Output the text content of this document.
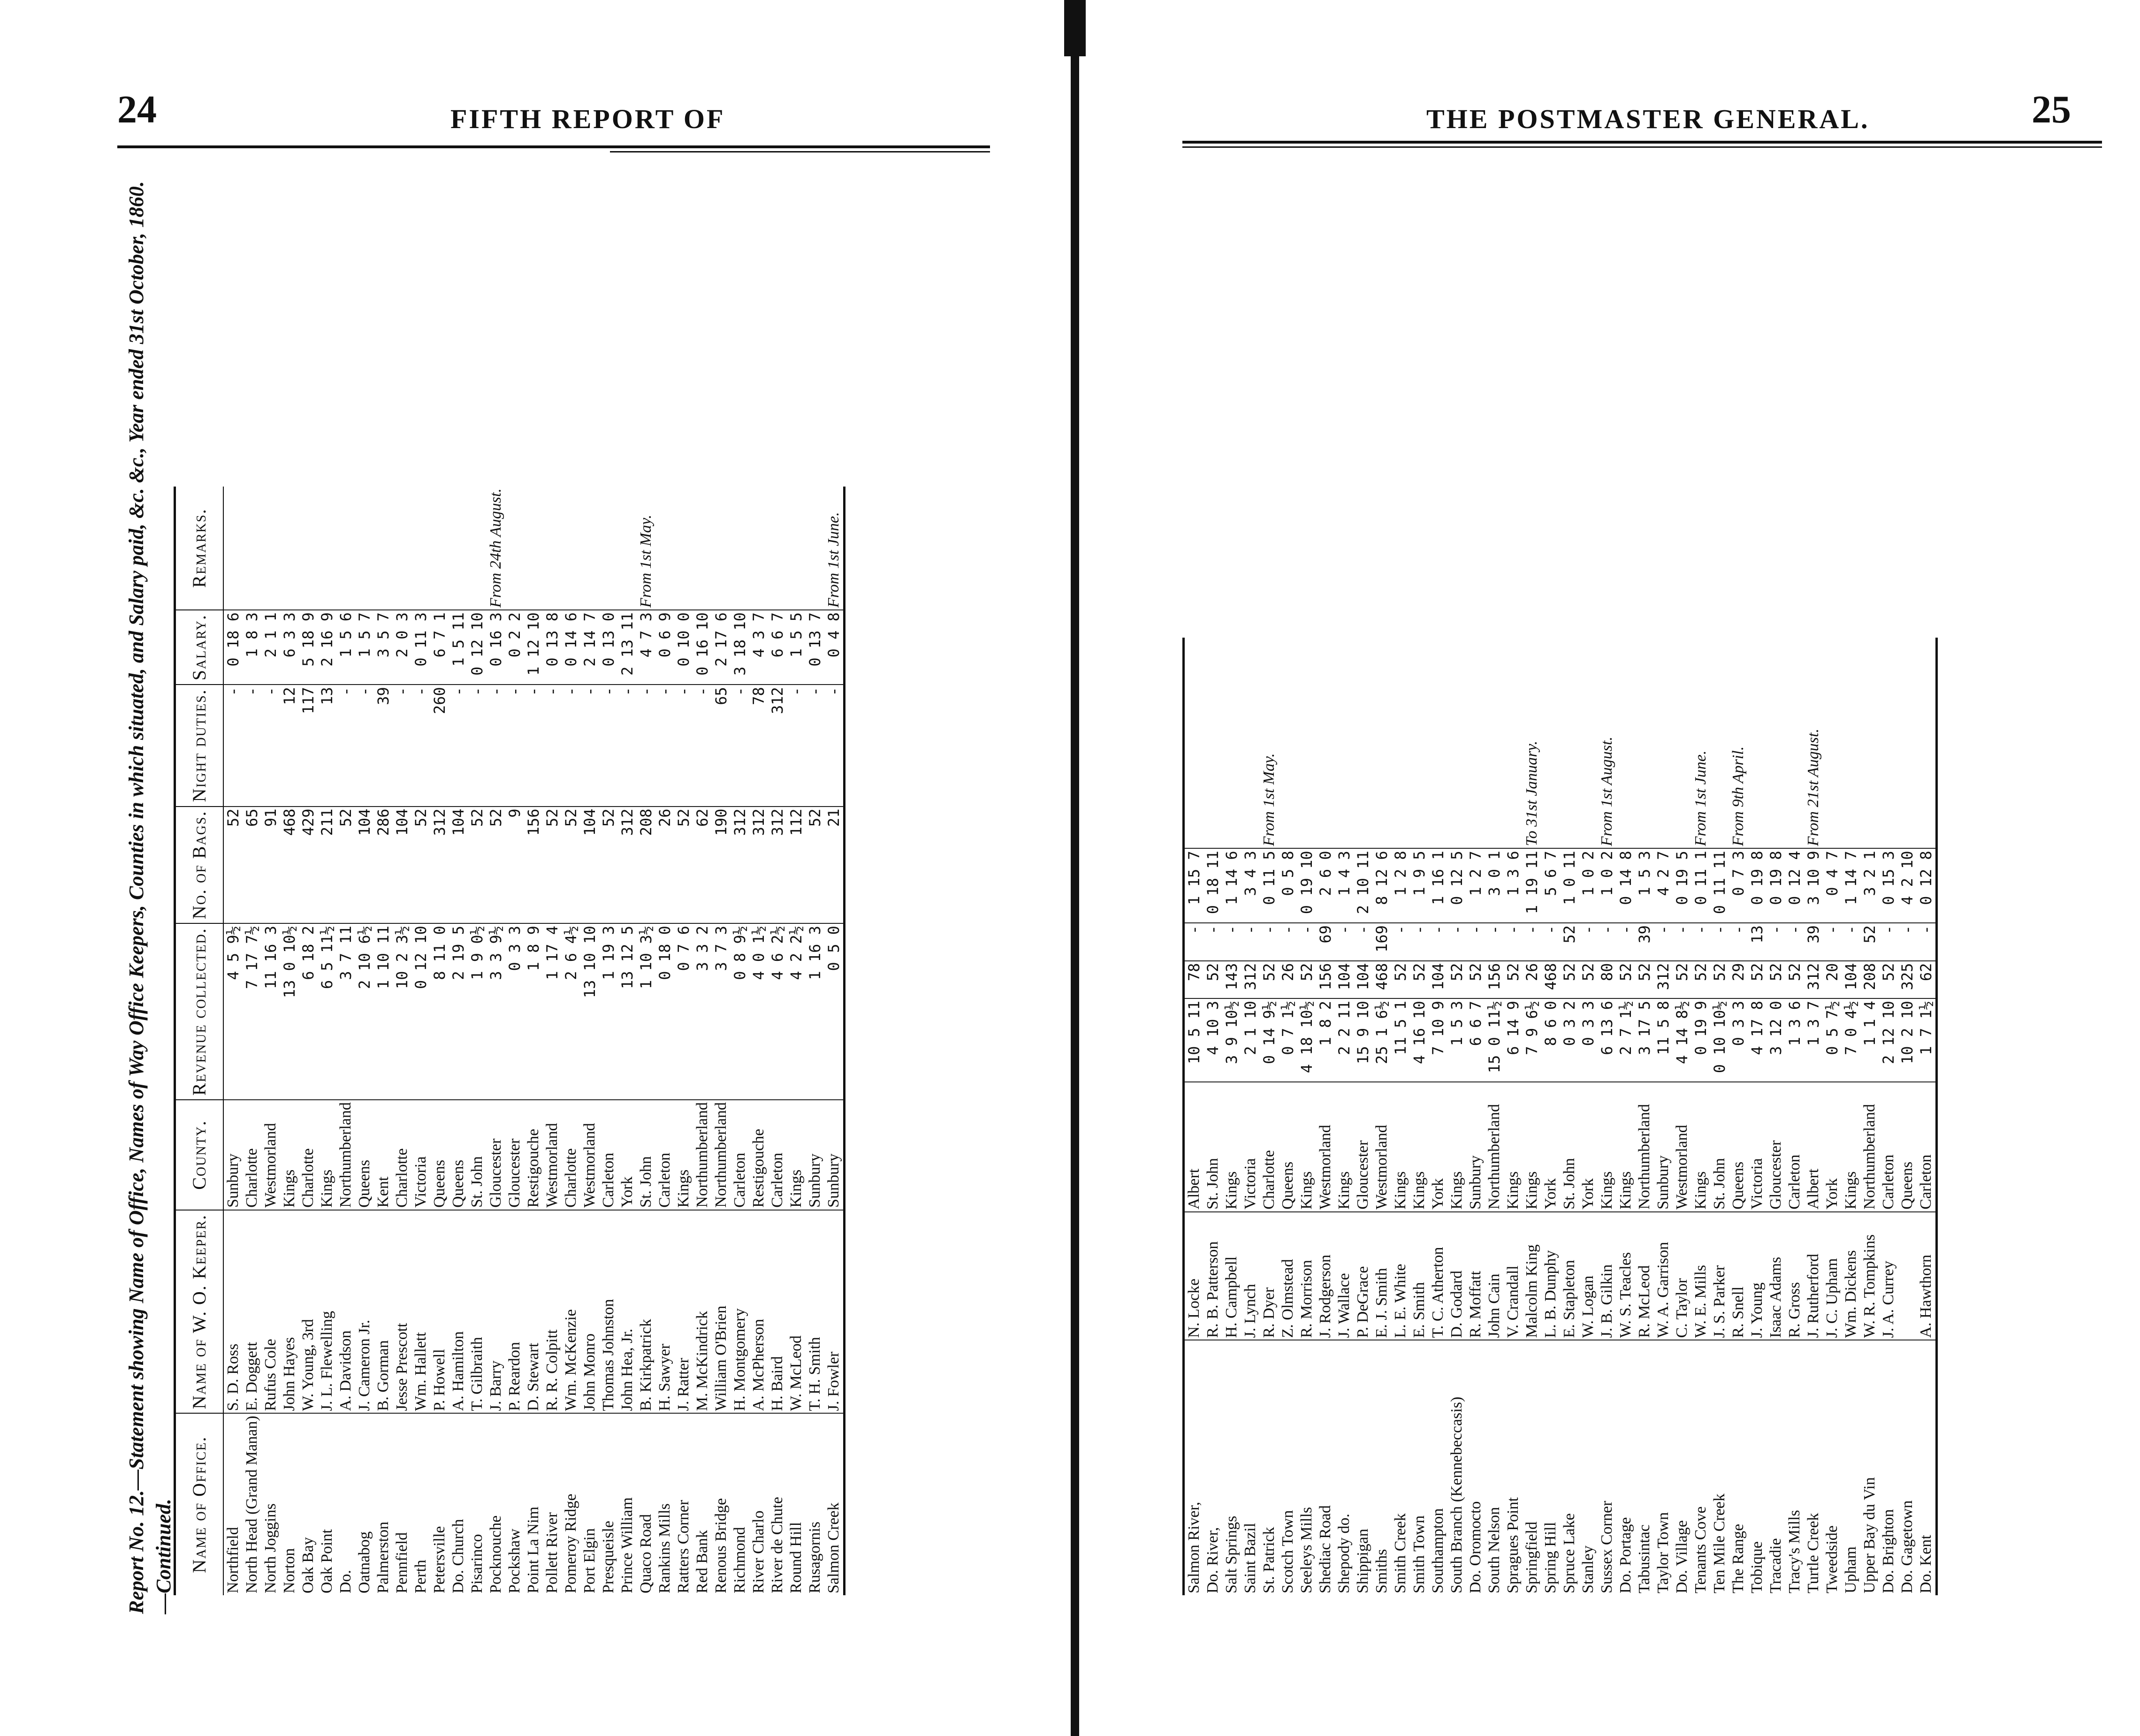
24	FIFTH REPORT OF
Report No. 12.—Statement showing Name of Office, Names of Way Office Keepers, Counties in which situated, and Salary paid, &c. &c., Year ended 31st October, 1860.—Continued. Name of Office.	Name of W. O. Keeper.	County.	Revenue collected.	No. of Bags.	Night duties.	Salary.	Remarks.
Northfield	S. D. Ross	Sunbury	4 5 9½	52	-	0 18 6	
North Head (Grand Manan)	E. Doggett	Charlotte	7 17 7½	65	-	1 8 3	
North Joggins	Rufus Cole	Westmorland	11 16 3	91	-	2 1 1	
Norton	John Hayes	Kings	13 0 10½	468	12	6 3 3	
Oak Bay	W. Young, 3rd	Charlotte	6 18 2	429	117	5 18 9	
Oak Point	J. L. Flewelling	Kings	6 5 11½	211	13	2 16 9	
Do.	A. Davidson	Northumberland	3 7 11	52	-	1 5 6	
Oatnabog	J. Cameron Jr.	Queens	2 10 6½	104	-	1 5 7	
Palmerston	B. Gorman	Kent	1 10 11	286	39	3 5 7	
Pennfield	Jesse Prescott	Charlotte	10 2 3½	104	-	2 0 3	
Perth	Wm. Hallett	Victoria	0 12 10	52	-	0 11 3	
Petersville	P. Howell	Queens	8 11 0	312	260	6 7 1	
Do. Church	A. Hamilton	Queens	2 19 5	104	-	1 5 11	
Pisarinco	T. Gilbraith	St. John	1 9 0½	52	-	0 12 10	
Pocknouche	J. Barry	Gloucester	3 3 9½	52	-	0 16 3	From 24th August.
Pockshaw	P. Reardon	Gloucester	0 3 3	9	-	0 2 2	
Point La Nim	D. Stewart	Restigouche	1 8 9	156	-	1 12 10	
Pollett River	R. R. Colpitt	Westmorland	1 17 4	52	-	0 13 8	
Pomeroy Ridge	Wm. McKenzie	Charlotte	2 6 4½	52	-	0 14 6	
Port Elgin	John Monro	Westmorland	13 10 10	104	-	2 14 7	
Presqueisle	Thomas Johnston	Carleton	1 19 3	52	-	0 13 0	
Prince William	John Hea, Jr.	York	13 12 5	312	-	2 13 11	
Quaco Road	B. Kirkpatrick	St. John	1 10 3½	208	-	4 7 3	From 1st May.
Rankins Mills	H. Sawyer	Carleton	0 18 0	26	-	0 6 9	
Ratters Corner	J. Ratter	Kings	0 7 6	52	-	0 10 0	
Red Bank	M. McKindrick	Northumberland	3 3 2	62	-	0 16 10	
Renous Bridge	William O'Brien	Northumberland	3 7 3	190	65	2 17 6	
Richmond	H. Montgomery	Carleton	0 8 9½	312	-	3 18 10	
River Charlo	A. McPherson	Restigouche	4 0 1½	312	78	4 3 7	
River de Chute	H. Baird	Carleton	4 6 2½	312	312	6 6 7	
Round Hill	W. McLeod	Kings	4 2 2½	112	-	1 5 5	
Rusagornis	T. H. Smith	Sunbury	1 16 3	52	-	0 13 7	
Salmon Creek	J. Fowler	Sunbury	0 5 0	21	-	0 4 8	From 1st June.
THE POSTMASTER GENERAL.	25
Salmon River,	N. Locke	Albert	10 5 11	78	-	1 15 7	
Do. River,	R. B. Patterson	St. John	4 10 3	52	-	0 18 11	
Salt Springs	H. Campbell	Kings	3 9 10½	143	-	1 14 6	
Saint Bazil	J. Lynch	Victoria	2 1 10	312	-	3 4 3	
St. Patrick	R. Dyer	Charlotte	0 14 9½	52	-	0 11 5	From 1st May.
Scotch Town	Z. Olmstead	Queens	0 7 1½	26	-	0 5 8	
Seeleys Mills	R. Morrison	Kings	4 18 10½	52	-	0 19 10	
Shediac Road	J. Rodgerson	Westmorland	1 8 2	156	69	2 6 0	
Shepody do.	J. Wallace	Kings	2 2 11	104	-	1 4 3	
Shippigan	P. DeGrace	Gloucester	15 9 10	104	-	2 10 11	
Smiths	E. J. Smith	Westmorland	25 1 6½	468	169	8 12 6	
Smith Creek	L. E. White	Kings	11 5 1	52	-	1 2 8	
Smith Town	E. Smith	Kings	4 16 10	52	-	1 9 5	
Southampton	T. C. Atherton	York	7 10 9	104	-	1 16 1	
South Branch (Kennebeccasis)	D. Godard	Kings	1 5 3	52	-	0 12 5	
Do. Oromocto	R. Moffatt	Sunbury	6 6 7	52	-	1 2 7	
South Nelson	John Cain	Northumberland	15 0 11½	156	-	3 0 1	
Spragues Point	V. Crandall	Kings	6 14 9	52	-	1 3 6	
Springfield	Malcolm King	Kings	7 9 6½	26	-	1 19 11	To 31st January.
Spring Hill	L. B. Dunphy	York	8 6 0	468	-	5 6 7	
Spruce Lake	E. Stapleton	St. John	0 3 2	52	52	1 0 11	
Stanley	W. Logan	York	0 3 3	52	-	1 0 2	
Sussex Corner	J. B. Gilkin	Kings	6 13 6	80	-	1 0 2	From 1st August.
Do. Portage	W. S. Teacles	Kings	2 7 1½	52	-	0 14 8	
Tabusintac	R. McLeod	Northumberland	3 17 5	52	39	1 5 3	
Taylor Town	W. A. Garrison	Sunbury	11 5 8	312	-	4 2 7	
Do. Village	C. Taylor	Westmorland	4 14 8½	52	-	0 19 5	
Tenants Cove	W. E. Mills	Kings	0 19 9	52	-	0 11 1	From 1st June.
Ten Mile Creek	J. S. Parker	St. John	0 10 10½	52	-	0 11 11	
The Range	R. Snell	Queens	0 3 3	29	-	0 7 3	From 9th April.
Tobique	J. Young	Victoria	4 17 8	52	13	0 19 8	
Tracadie	Isaac Adams	Gloucester	3 12 0	52	-	0 19 8	
Tracy's Mills	R. Gross	Carleton	1 3 6	52	-	0 12 4	
Turtle Creek	J. Rutherford	Albert	1 3 7	312	39	3 10 9	From 21st August.
Tweedside	J. C. Upham	York	0 5 7½	20	-	0 4 7	
Upham	Wm. Dickens	Kings	7 0 4½	104	-	1 14 7	
Upper Bay du Vin	W. R. Tompkins	Northumberland	1 1 4	208	52	3 2 1	
Do. Brighton	J. A. Currey	Carleton	2 12 10	52	-	0 15 3	
Do. Gagetown		Queens	10 2 10	325	-	4 2 10	
Do. Kent	A. Hawthorn	Carleton	1 7 1½	62	-	0 12 8	
